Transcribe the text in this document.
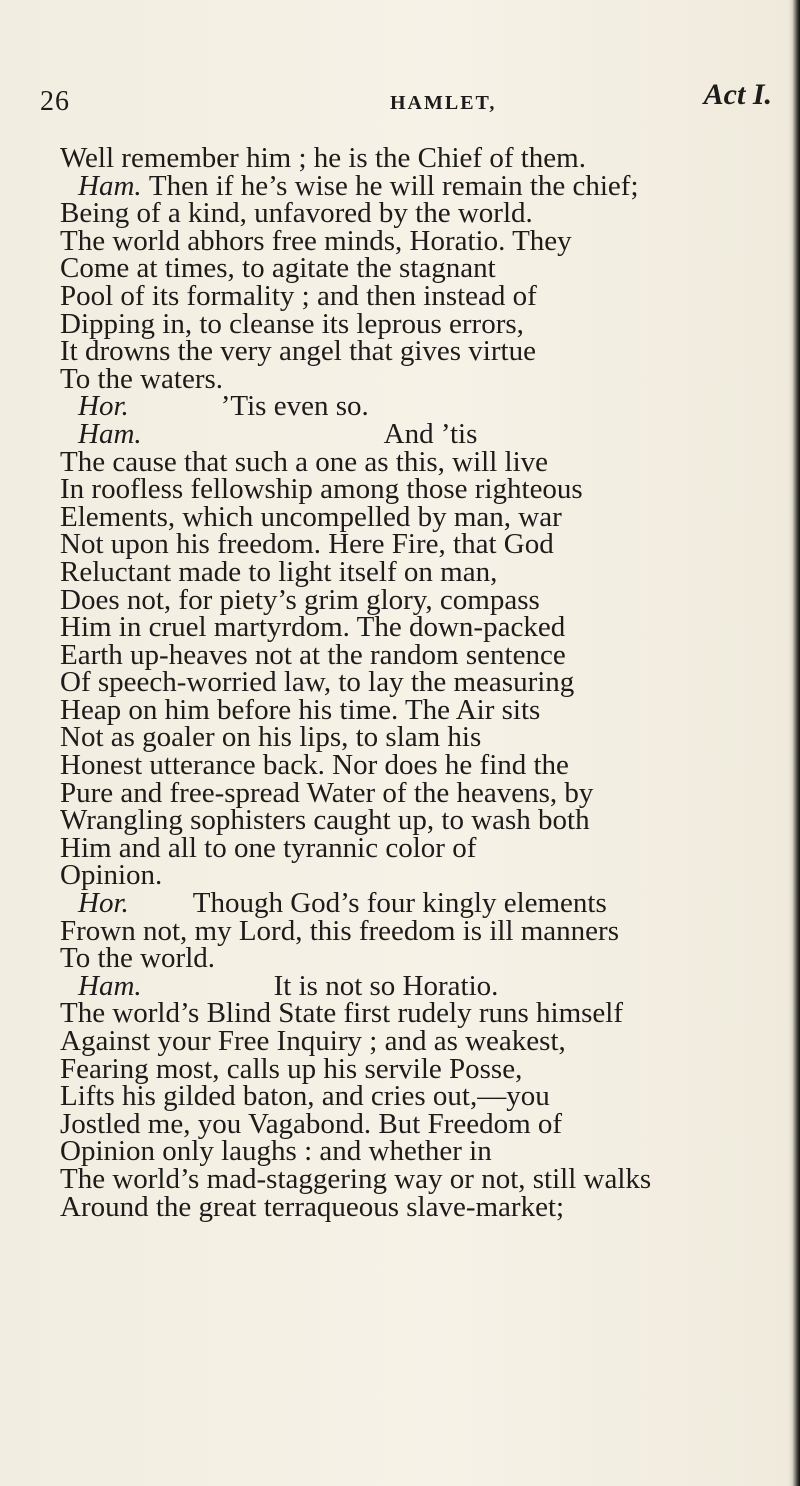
26	HAMLET,	Act I.
Well remember him ; he is the Chief of them.
Ham. Then if he’s wise he will remain the chief;
Being of a kind, unfavored by the world.
The world abhors free minds, Horatio. They
Come at times, to agitate the stagnant
Pool of its formality ; and then instead of
Dipping in, to cleanse its leprous errors,
It drowns the very angel that gives virtue
To the waters.
Hor.	’Tis even so.
Ham.	And ’tis
The cause that such a one as this, will live
In roofless fellowship among those righteous
Elements, which uncompelled by man, war
Not upon his freedom. Here Fire, that God
Reluctant made to light itself on man,
Does not, for piety’s grim glory, compass
Him in cruel martyrdom. The down-packed
Earth up-heaves not at the random sentence
Of speech-worried law, to lay the measuring
Heap on him before his time. The Air sits
Not as goaler on his lips, to slam his
Honest utterance back. Nor does he find the
Pure and free-spread Water of the heavens, by
Wrangling sophisters caught up, to wash both
Him and all to one tyrannic color of
Opinion.
Hor. Though God’s four kingly elements
Frown not, my Lord, this freedom is ill manners
To the world.
Ham.	It is not so Horatio.
The world’s Blind State first rudely runs himself
Against your Free Inquiry ; and as weakest,
Fearing most, calls up his servile Posse,
Lifts his gilded baton, and cries out,—you
Jostled me, you Vagabond. But Freedom of
Opinion only laughs : and whether in
The world’s mad-staggering way or not, still walks
Around the great terraqueous slave-market;
